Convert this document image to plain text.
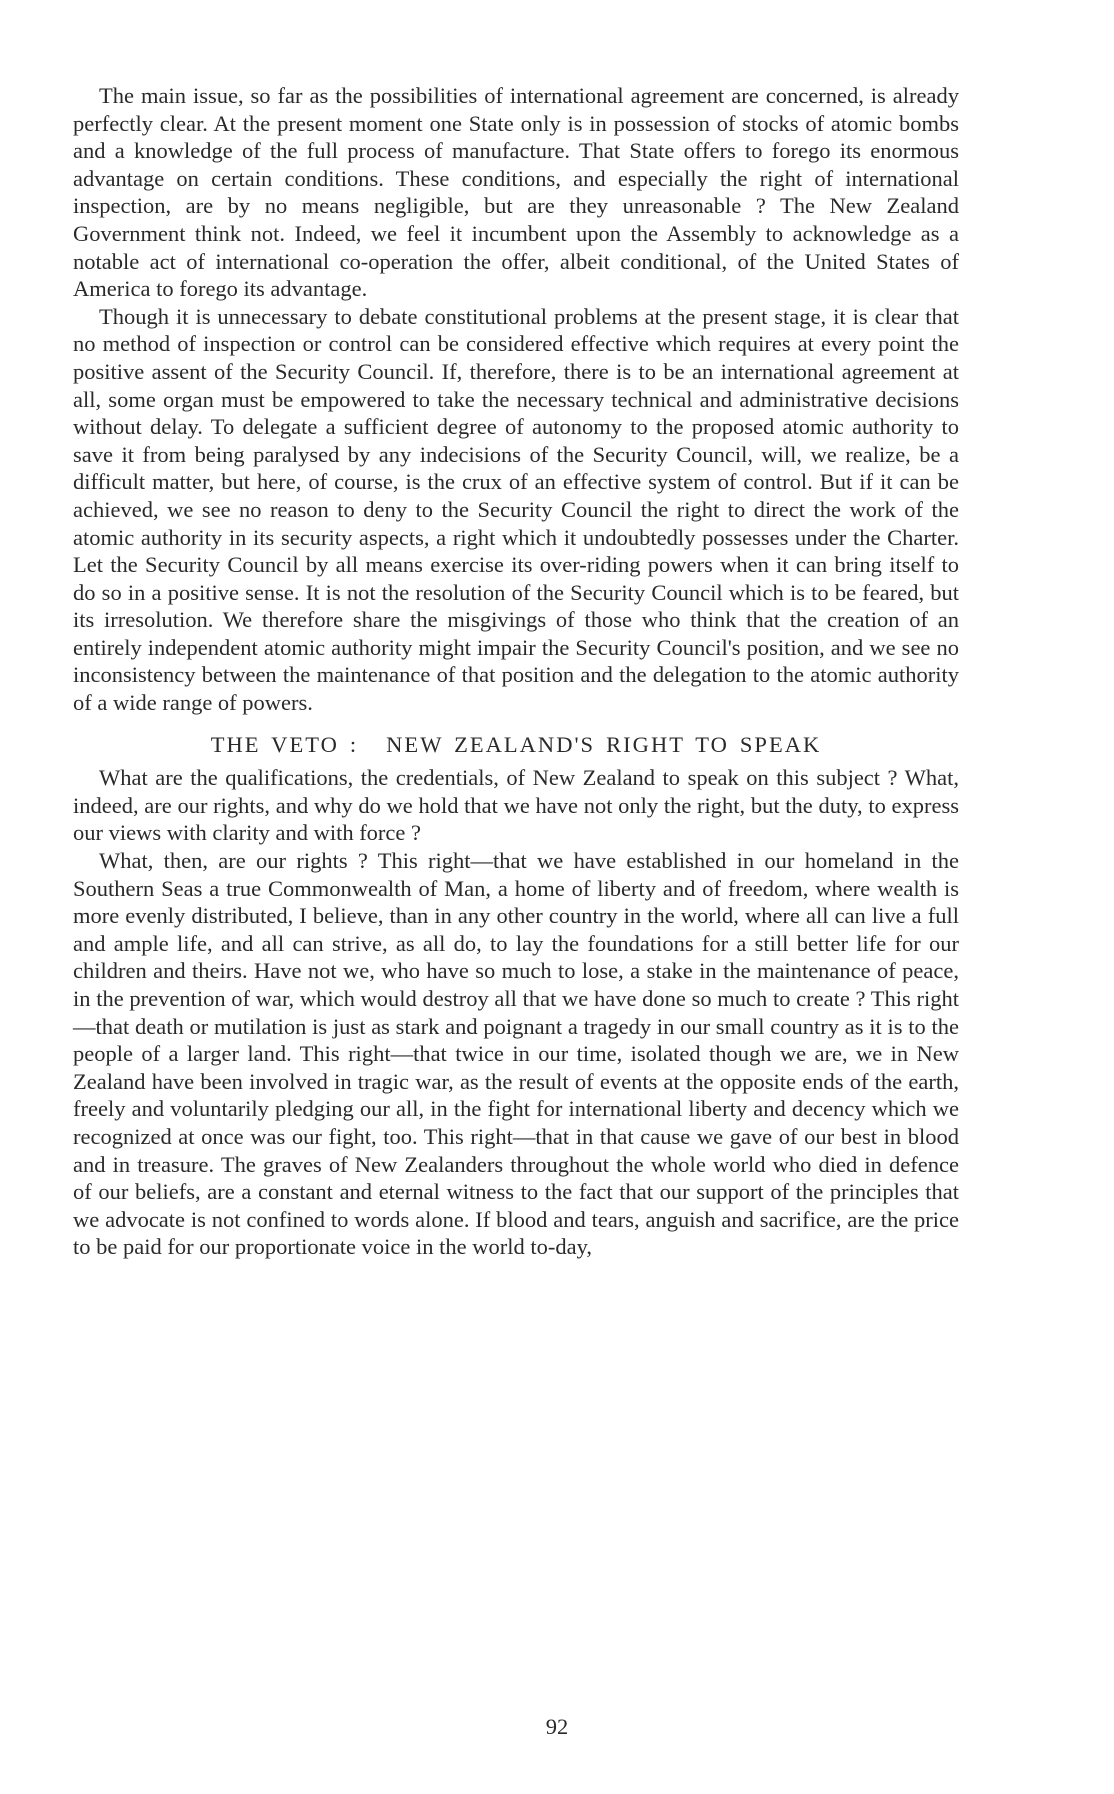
The main issue, so far as the possibilities of international agreement are concerned, is already perfectly clear. At the present moment one State only is in possession of stocks of atomic bombs and a knowledge of the full process of manufacture. That State offers to forego its enormous advantage on certain conditions. These conditions, and especially the right of international inspection, are by no means negligible, but are they unreasonable ? The New Zealand Government think not. Indeed, we feel it incumbent upon the Assembly to acknowledge as a notable act of international co-operation the offer, albeit conditional, of the United States of America to forego its advantage.

Though it is unnecessary to debate constitutional problems at the present stage, it is clear that no method of inspection or control can be considered effective which requires at every point the positive assent of the Security Council. If, therefore, there is to be an international agreement at all, some organ must be empowered to take the necessary technical and administrative decisions without delay. To delegate a sufficient degree of autonomy to the proposed atomic authority to save it from being paralysed by any indecisions of the Security Council, will, we realize, be a difficult matter, but here, of course, is the crux of an effective system of control. But if it can be achieved, we see no reason to deny to the Security Council the right to direct the work of the atomic authority in its security aspects, a right which it undoubtedly possesses under the Charter. Let the Security Council by all means exercise its over-riding powers when it can bring itself to do so in a positive sense. It is not the resolution of the Security Council which is to be feared, but its irresolution. We therefore share the misgivings of those who think that the creation of an entirely independent atomic authority might impair the Security Council's position, and we see no inconsistency between the maintenance of that position and the delegation to the atomic authority of a wide range of powers.

THE VETO : NEW ZEALAND'S RIGHT TO SPEAK

What are the qualifications, the credentials, of New Zealand to speak on this subject ? What, indeed, are our rights, and why do we hold that we have not only the right, but the duty, to express our views with clarity and with force ?

What, then, are our rights ? This right—that we have established in our homeland in the Southern Seas a true Commonwealth of Man, a home of liberty and of freedom, where wealth is more evenly distributed, I believe, than in any other country in the world, where all can live a full and ample life, and all can strive, as all do, to lay the foundations for a still better life for our children and theirs. Have not we, who have so much to lose, a stake in the maintenance of peace, in the prevention of war, which would destroy all that we have done so much to create ? This right—that death or mutilation is just as stark and poignant a tragedy in our small country as it is to the people of a larger land. This right—that twice in our time, isolated though we are, we in New Zealand have been involved in tragic war, as the result of events at the opposite ends of the earth, freely and voluntarily pledging our all, in the fight for international liberty and decency which we recognized at once was our fight, too. This right—that in that cause we gave of our best in blood and in treasure. The graves of New Zealanders throughout the whole world who died in defence of our beliefs, are a constant and eternal witness to the fact that our support of the principles that we advocate is not confined to words alone. If blood and tears, anguish and sacrifice, are the price to be paid for our proportionate voice in the world to-day,

92
